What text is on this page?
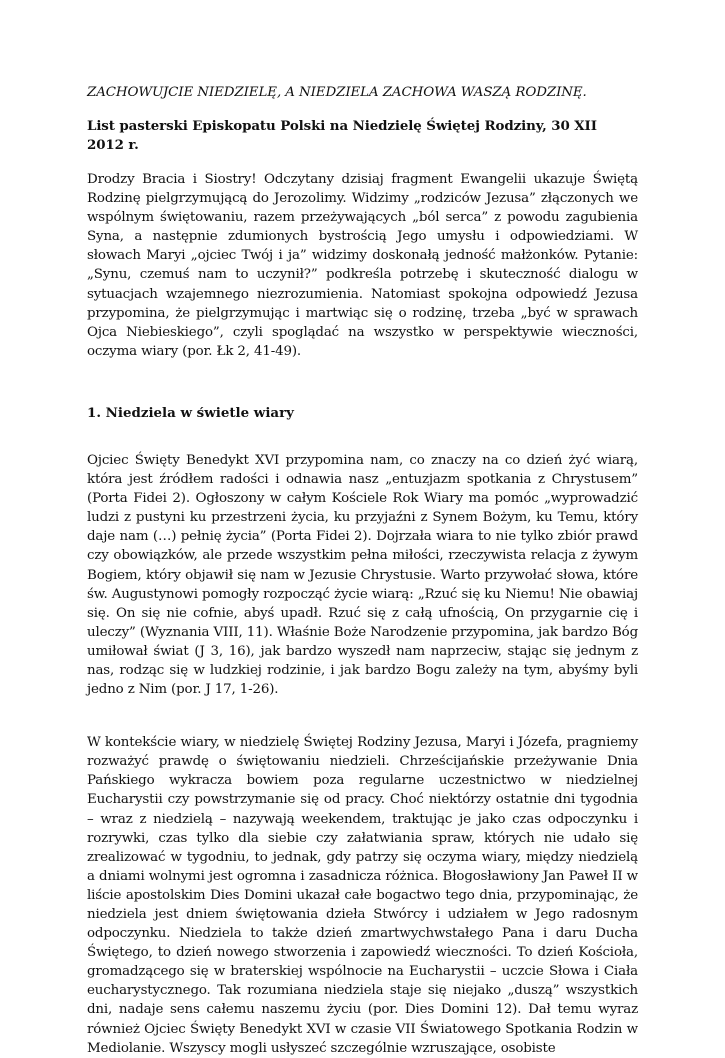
ZACHOWUJCIE NIEDZIELĘ, A NIEDZIELA ZACHOWA WASZĄ RODZINĘ.

List pasterski Episkopatu Polski na Niedzielę Świętej Rodziny, 30 XII 2012 r.

Drodzy Bracia i Siostry! Odczytany dzisiaj fragment Ewangelii ukazuje Świętą Rodzinę pielgrzymującą do Jerozolimy. Widzimy „rodziców Jezusa” złączonych we wspólnym świętowaniu, razem przeżywających „ból serca” z powodu zagubienia Syna, a następnie zdumionych bystrością Jego umysłu i odpowiedziami. W słowach Maryi „ojciec Twój i ja” widzimy doskonałą jedność małżonków. Pytanie: „Synu, czemuś nam to uczynił?” podkreśla potrzebę i skuteczność dialogu w sytuacjach wzajemnego niezrozumienia. Natomiast spokojna odpowiedź Jezusa przypomina, że pielgrzymując i martwiąc się o rodzinę, trzeba „być w sprawach Ojca Niebieskiego”, czyli spoglądać na wszystko w perspektywie wieczności, oczyma wiary (por. Łk 2, 41-49).

1. Niedziela w świetle wiary

Ojciec Święty Benedykt XVI przypomina nam, co znaczy na co dzień żyć wiarą, która jest źródłem radości i odnawia nasz „entuzjazm spotkania z Chrystusem” (Porta Fidei 2). Ogłoszony w całym Kościele Rok Wiary ma pomóc „wyprowadzić ludzi z pustyni ku przestrzeni życia, ku przyjaźni z Synem Bożym, ku Temu, który daje nam (…) pełnię życia” (Porta Fidei 2). Dojrzała wiara to nie tylko zbiór prawd czy obowiązków, ale przede wszystkim pełna miłości, rzeczywista relacja z żywym Bogiem, który objawił się nam w Jezusie Chrystusie. Warto przywołać słowa, które św. Augustynowi pomogły rozpocząć życie wiarą: „Rzuć się ku Niemu! Nie obawiaj się. On się nie cofnie, abyś upadł. Rzuć się z całą ufnością, On przygarnie cię i uleczy” (Wyznania VIII, 11). Właśnie Boże Narodzenie przypomina, jak bardzo Bóg umiłował świat (J 3, 16), jak bardzo wyszedł nam naprzeciw, stając się jednym z nas, rodząc się w ludzkiej rodzinie, i jak bardzo Bogu zależy na tym, abyśmy byli jedno z Nim (por. J 17, 1-26).

W kontekście wiary, w niedzielę Świętej Rodziny Jezusa, Maryi i Józefa, pragniemy rozważyć prawdę o świętowaniu niedzieli. Chrześcijańskie przeżywanie Dnia Pańskiego wykracza bowiem poza regularne uczestnictwo w niedzielnej Eucharystii czy powstrzymanie się od pracy. Choć niektórzy ostatnie dni tygodnia – wraz z niedzielą – nazywają weekendem, traktując je jako czas odpoczynku i rozrywki, czas tylko dla siebie czy załatwiania spraw, których nie udało się zrealizować w tygodniu, to jednak, gdy patrzy się oczyma wiary, między niedzielą a dniami wolnymi jest ogromna i zasadnicza różnica. Błogosławiony Jan Paweł II w liście apostolskim Dies Domini ukazał całe bogactwo tego dnia, przypominając, że niedziela jest dniem świętowania dzieła Stwórcy i udziałem w Jego radosnym odpoczynku. Niedziela to także dzień zmartwychwstałego Pana i daru Ducha Świętego, to dzień nowego stworzenia i zapowiedź wieczności. To dzień Kościoła, gromadzącego się w braterskiej wspólnocie na Eucharystii – uczcie Słowa i Ciała eucharystycznego. Tak rozumiana niedziela staje się niejako „duszą” wszystkich dni, nadaje sens całemu naszemu życiu (por. Dies Domini 12). Dał temu wyraz również Ojciec Święty Benedykt XVI w czasie VII Światowego Spotkania Rodzin w Mediolanie. Wszyscy mogli usłyszeć szczególnie wzruszające, osobiste
